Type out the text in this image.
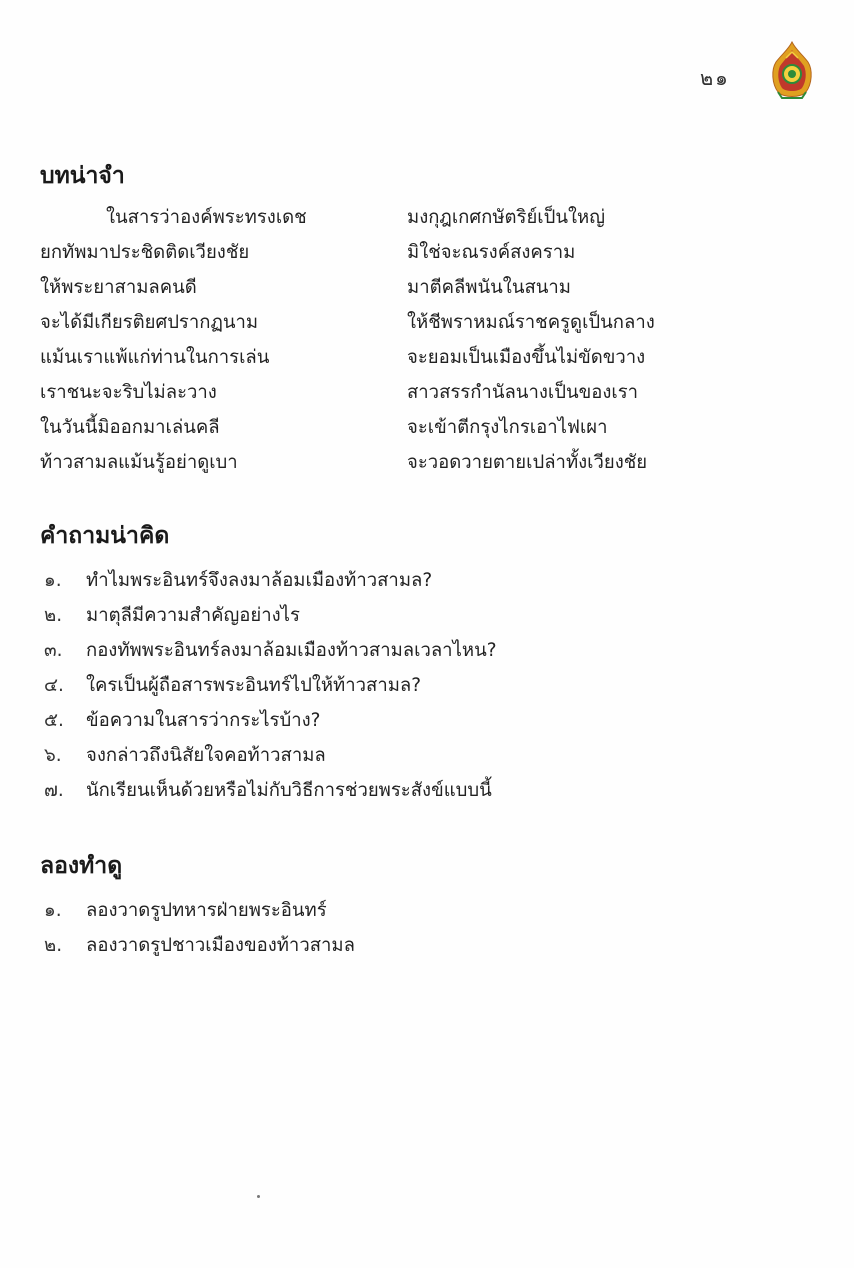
๒๑
บทน่าจำ
ในสารว่าองค์พระทรงเดช	มงกุฎเกศกษัตริย์เป็นใหญ่
ยกทัพมาประชิดติดเวียงชัย	มิใช่จะณรงค์สงคราม
ให้พระยาสามลคนดี	มาตีคลีพนันในสนาม
จะได้มีเกียรติยศปรากฏนาม	ให้ชีพราหมณ์ราชครูดูเป็นกลาง
แม้นเราแพ้แก่ท่านในการเล่น	จะยอมเป็นเมืองขึ้นไม่ขัดขวาง
เราชนะจะริบไม่ละวาง	สาวสรรกำนัลนางเป็นของเรา
ในวันนี้มิออกมาเล่นคลี	จะเข้าตีกรุงไกรเอาไฟเผา
ท้าวสามลแม้นรู้อย่าดูเบา	จะวอดวายตายเปล่าทั้งเวียงชัย
คำถามน่าคิด
๑. ทำไมพระอินทร์จึงลงมาล้อมเมืองท้าวสามล?
๒. มาตุลีมีความสำคัญอย่างไร
๓. กองทัพพระอินทร์ลงมาล้อมเมืองท้าวสามลเวลาไหน?
๔. ใครเป็นผู้ถือสารพระอินทร์ไปให้ท้าวสามล?
๕. ข้อความในสารว่ากระไรบ้าง?
๖. จงกล่าวถึงนิสัยใจคอท้าวสามล
๗. นักเรียนเห็นด้วยหรือไม่กับวิธีการช่วยพระสังข์แบบนี้
ลองทำดู
๑. ลองวาดรูปทหารฝ่ายพระอินทร์
๒. ลองวาดรูปชาวเมืองของท้าวสามล
